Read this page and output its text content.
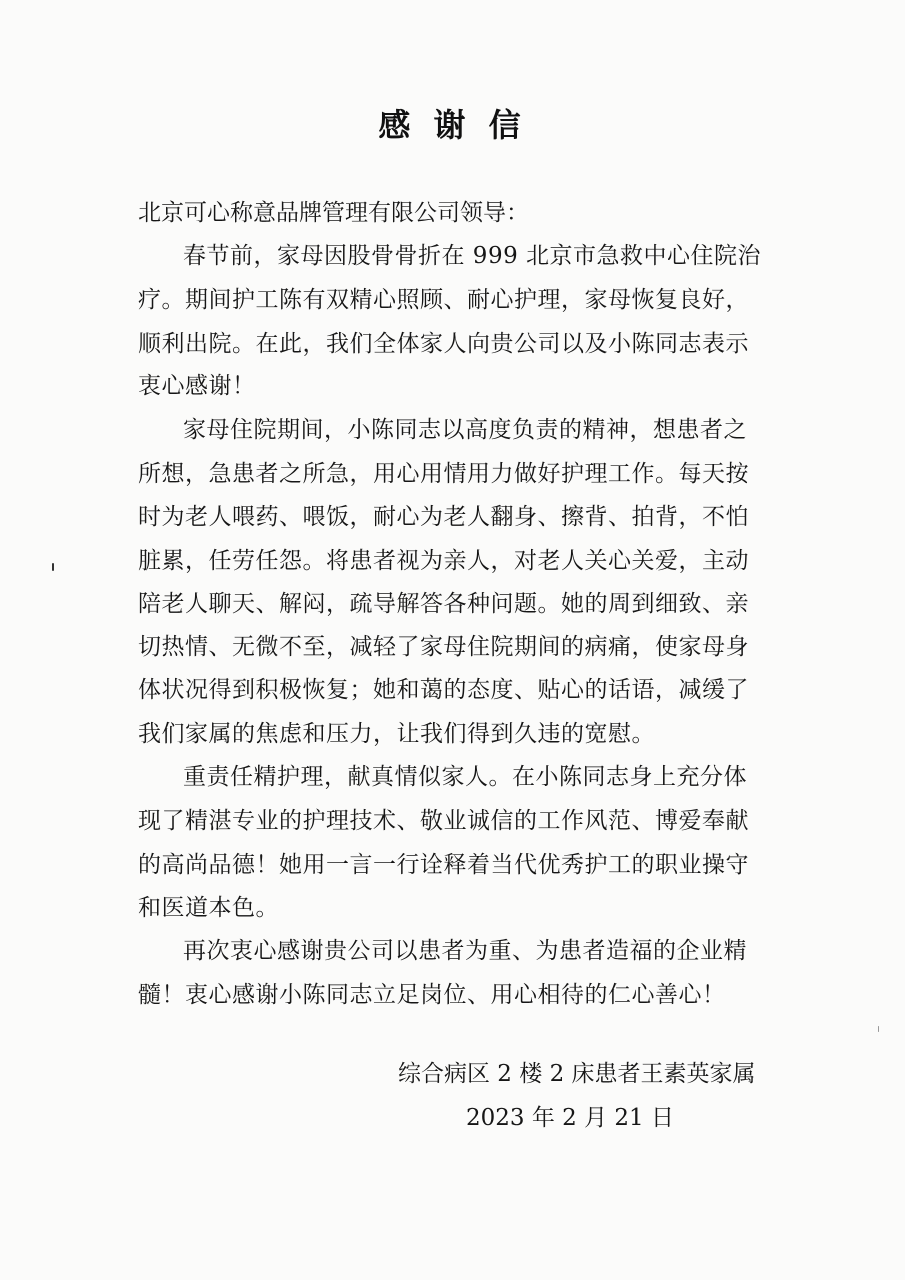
感 谢 信
北京可心称意品牌管理有限公司领导：
春节前，家母因股骨骨折在 999 北京市急救中心住院治
疗。期间护工陈有双精心照顾、耐心护理，家母恢复良好，
顺利出院。在此，我们全体家人向贵公司以及小陈同志表示
衷心感谢！
家母住院期间，小陈同志以高度负责的精神，想患者之
所想，急患者之所急，用心用情用力做好护理工作。每天按
时为老人喂药、喂饭，耐心为老人翻身、擦背、拍背，不怕
脏累，任劳任怨。将患者视为亲人，对老人关心关爱，主动
陪老人聊天、解闷，疏导解答各种问题。她的周到细致、亲
切热情、无微不至，减轻了家母住院期间的病痛，使家母身
体状况得到积极恢复；她和蔼的态度、贴心的话语，减缓了
我们家属的焦虑和压力，让我们得到久违的宽慰。
重责任精护理，献真情似家人。在小陈同志身上充分体
现了精湛专业的护理技术、敬业诚信的工作风范、博爱奉献
的高尚品德！她用一言一行诠释着当代优秀护工的职业操守
和医道本色。
再次衷心感谢贵公司以患者为重、为患者造福的企业精
髓！衷心感谢小陈同志立足岗位、用心相待的仁心善心！
综合病区 2 楼 2 床患者王素英家属
2023 年 2 月 21 日
